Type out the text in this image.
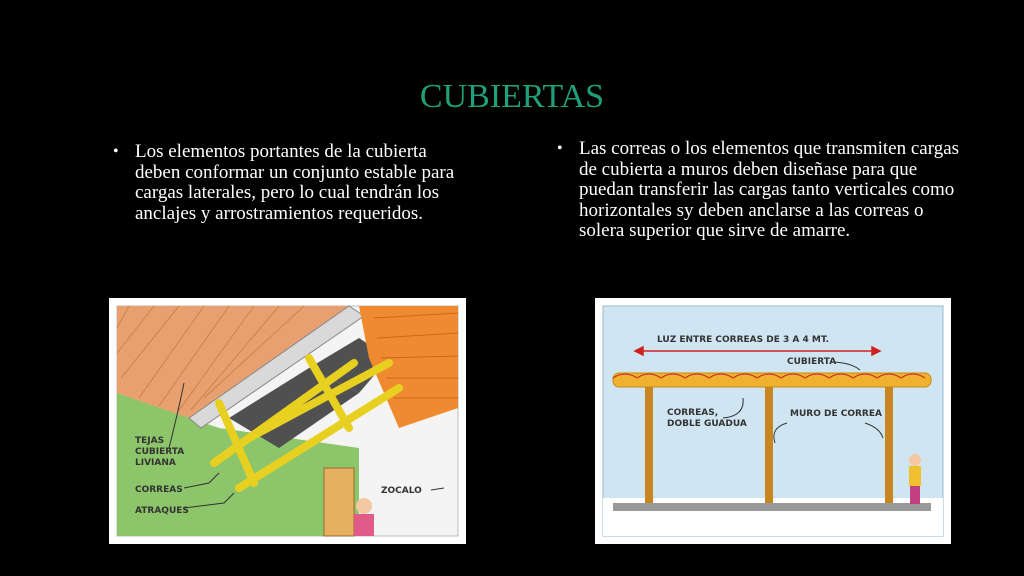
CUBIERTAS
• Los elementos portantes de la cubierta deben conformar un conjunto estable para cargas laterales, pero lo cual tendrán los anclajes y arrostramientos requeridos.
• Las correas o los elementos que transmiten cargas de cubierta a muros deben diseñase para que puedan transferir las cargas tanto verticales como horizontales sy deben anclarse a las correas o solera superior que sirve de amarre.
TEJAS
CUBIERTA
LIVIANA
CORREAS
ATRAQUES
ZOCALO
LUZ ENTRE CORREAS DE 3 A 4 MT.
CUBIERTA
CORREAS,
DOBLE GUADUA
MURO DE CORREA
